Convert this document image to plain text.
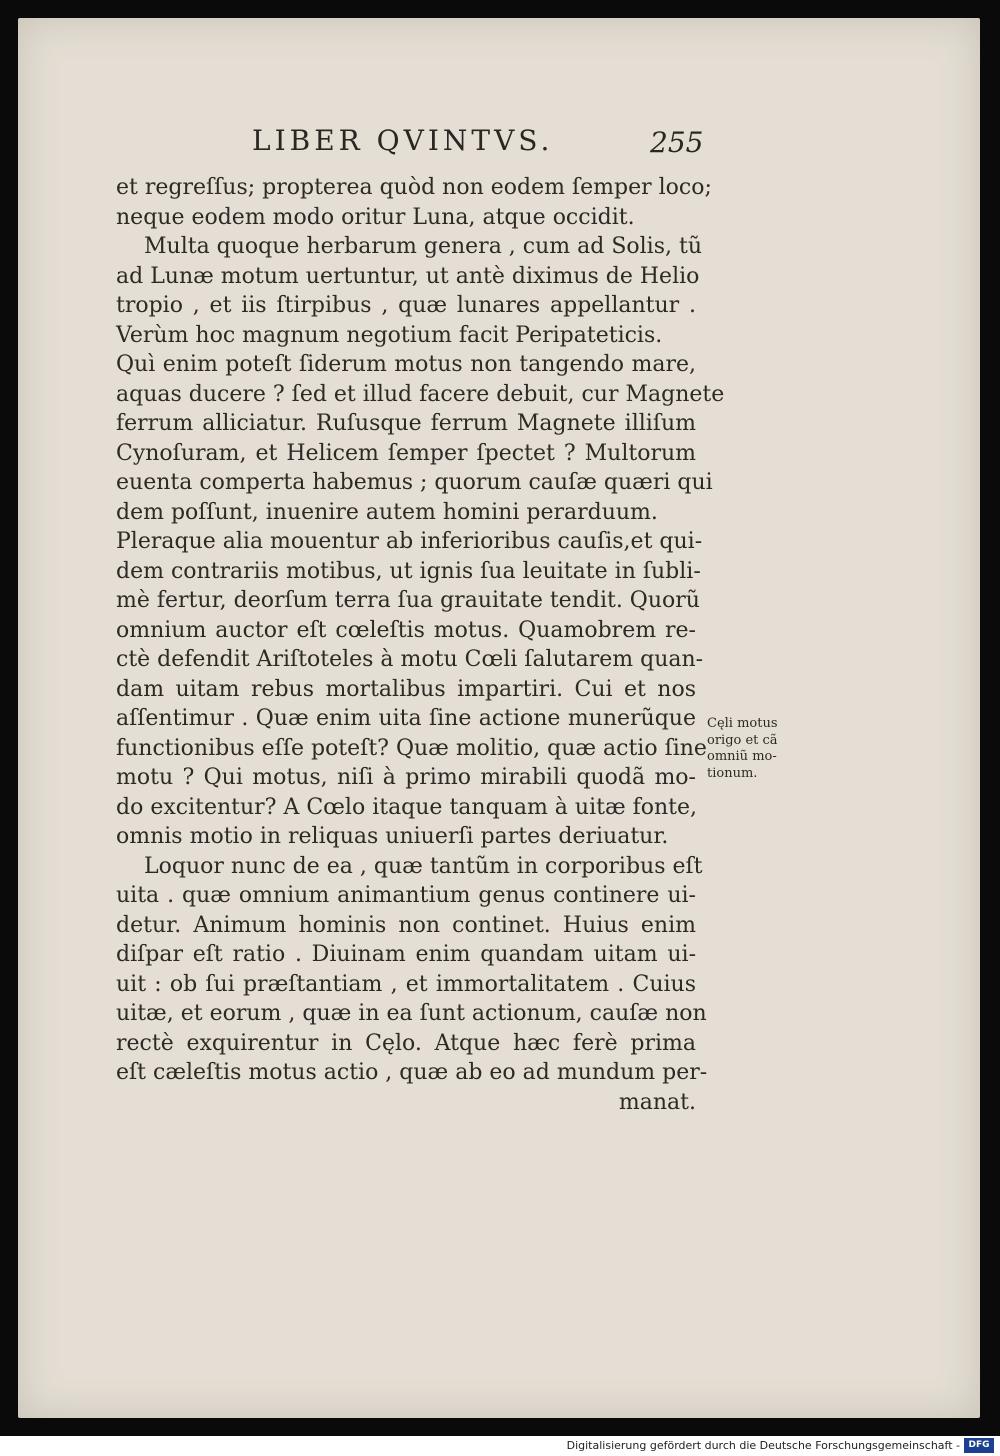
LIBER QVINTVS.	255
et regreſſus; propterea quòd non eodem ſemper loco;
neque eodem modo oritur Luna, atque occidit.
Multa quoque herbarum genera , cum ad Solis, tũ
ad Lunæ motum uertuntur, ut antè diximus de Helio
tropio , et iis ſtirpibus , quæ lunares appellantur .
Verùm hoc magnum negotium facit Peripateticis.
Quì enim poteſt ſiderum motus non tangendo mare,
aquas ducere ? ſed et illud facere debuit, cur Magnete
ferrum alliciatur. Ruſusque ferrum Magnete illiſum
Cynoſuram, et Helicem ſemper ſpectet ? Multorum
euenta comperta habemus ; quorum cauſæ quæri qui
dem poſſunt, inuenire autem homini perarduum.
Pleraque alia mouentur ab inferioribus cauſis,et qui-
dem contrariis motibus, ut ignis ſua leuitate in ſubli-
mè fertur, deorſum terra ſua grauitate tendit. Quorũ
omnium auctor eſt cœleſtis motus. Quamobrem re-
ctè defendit Ariſtoteles à motu Cœli ſalutarem quan-
dam uitam rebus mortalibus impartiri. Cui et nos
aſſentimur . Quæ enim uita ſine actione munerũque
functionibus eſſe poteſt? Quæ molitio, quæ actio ſine
motu ? Qui motus, niſi à primo mirabili quodã mo-
do excitentur? A Cœlo itaque tanquam à uitæ fonte,
omnis motio in reliquas uniuerſi partes deriuatur.
Loquor nunc de ea , quæ tantũm in corporibus eſt
uita . quæ omnium animantium genus continere ui-
detur. Animum hominis non continet. Huius enim
diſpar eſt ratio . Diuinam enim quandam uitam ui-
uit : ob ſui præſtantiam , et immortalitatem . Cuius
uitæ, et eorum , quæ in ea ſunt actionum, cauſæ non
rectè exquirentur in Cęlo. Atque hæc ferè prima
eſt cæleſtis motus actio , quæ ab eo ad mundum per-
manat.
Cęli motus
origo et cã
omniũ mo-
tionum.
Digitalisierung gefördert durch die Deutsche Forschungsgemeinschaft - DFG
